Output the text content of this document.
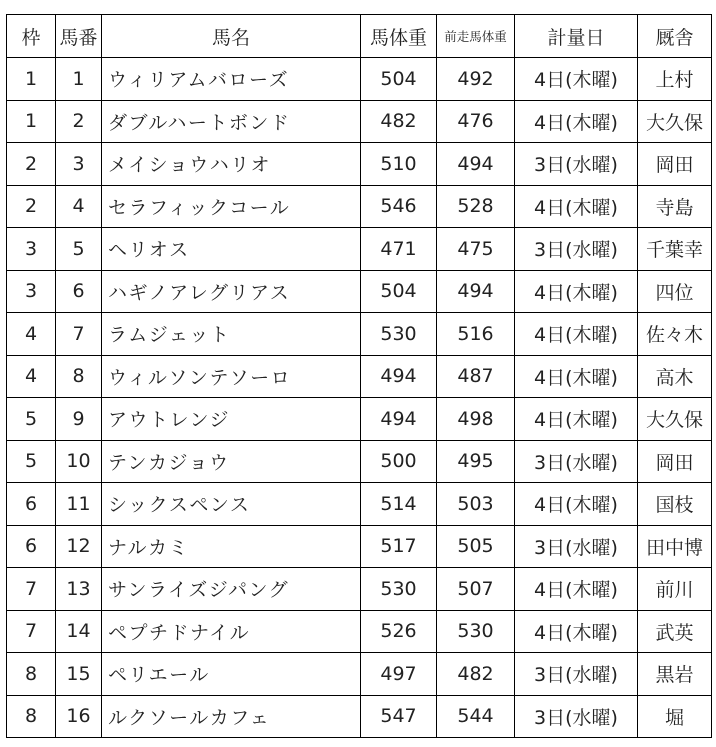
枠	馬番	馬名	馬体重	前走馬体重	計量日	厩舎
1	1	ウィリアムバローズ	504	492	4日(木曜)	上村
1	2	ダブルハートボンド	482	476	4日(木曜)	大久保
2	3	メイショウハリオ	510	494	3日(水曜)	岡田
2	4	セラフィックコール	546	528	4日(木曜)	寺島
3	5	ヘリオス	471	475	3日(水曜)	千葉幸
3	6	ハギノアレグリアス	504	494	4日(木曜)	四位
4	7	ラムジェット	530	516	4日(木曜)	佐々木
4	8	ウィルソンテソーロ	494	487	4日(木曜)	高木
5	9	アウトレンジ	494	498	4日(木曜)	大久保
5	10	テンカジョウ	500	495	3日(水曜)	岡田
6	11	シックスペンス	514	503	4日(木曜)	国枝
6	12	ナルカミ	517	505	3日(水曜)	田中博
7	13	サンライズジパング	530	507	4日(木曜)	前川
7	14	ペプチドナイル	526	530	4日(木曜)	武英
8	15	ペリエール	497	482	3日(水曜)	黒岩
8	16	ルクソールカフェ	547	544	3日(水曜)	堀
